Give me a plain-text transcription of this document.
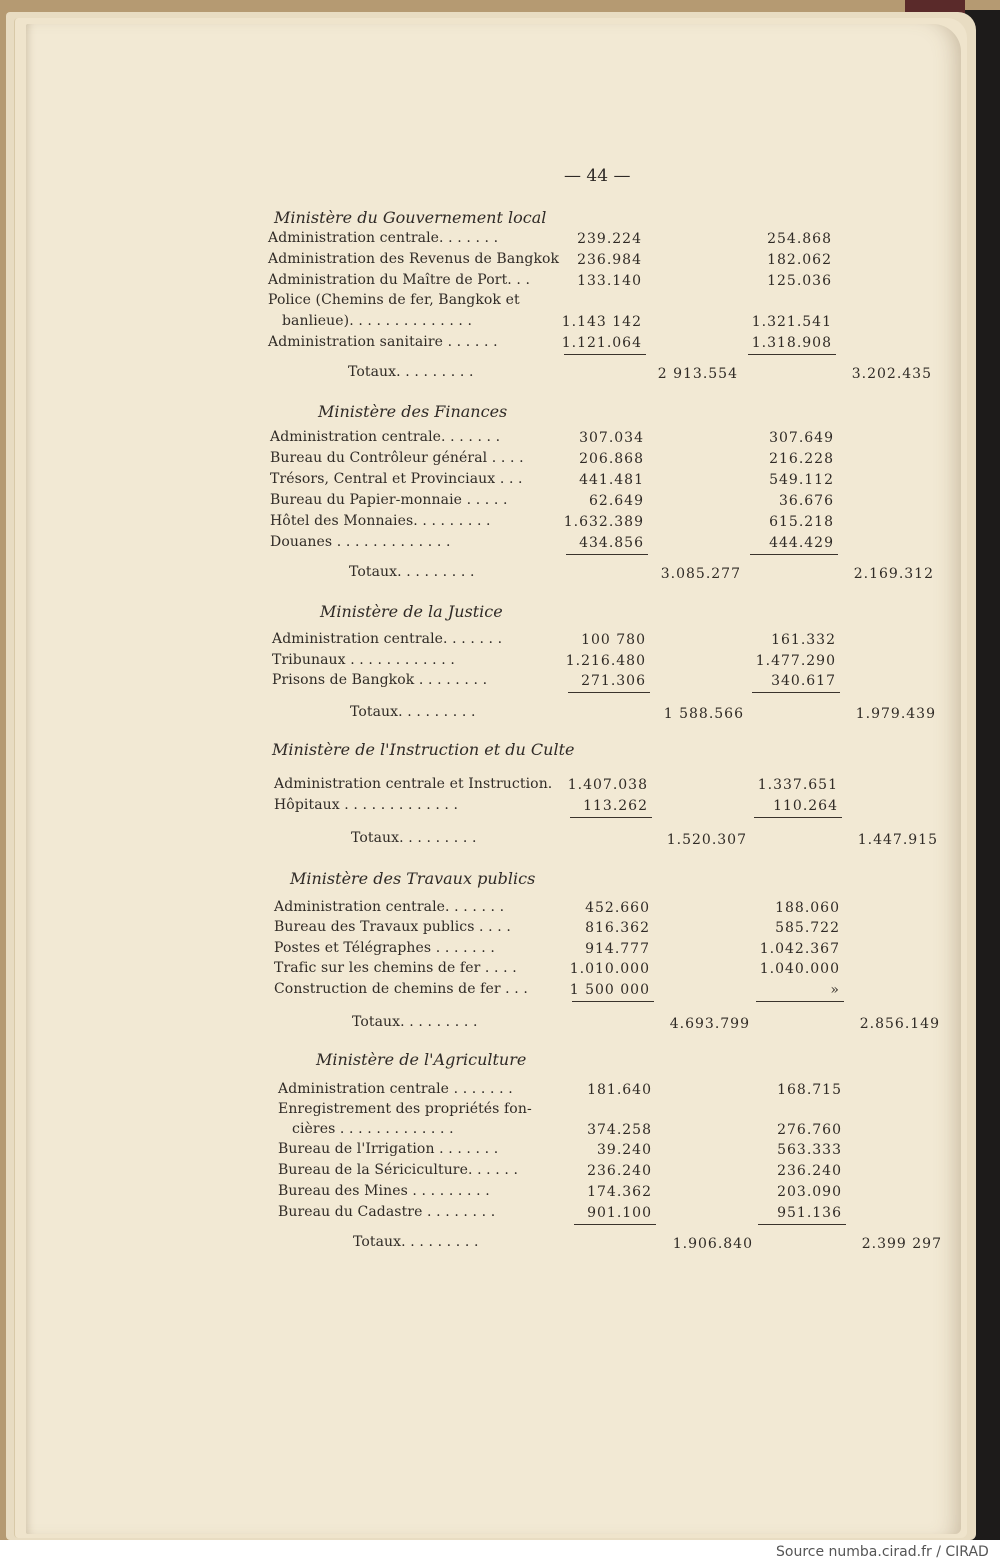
— 44 —
Ministère du Gouvernement local
Administration centrale. . . . . . .	239.224	254.868
Administration des Revenus de Bangkok	236.984	182.062
Administration du Maître de Port. . .	133.140	125.036
Police (Chemins de fer, Bangkok et
banlieue). . . . . . . . . . . . . .	1.143 142	1.321.541
Administration sanitaire . . . . . .	1.121.064	1.318.908
Totaux. . . . . . . . .	2 913.554	3.202.435
Ministère des Finances
Administration centrale. . . . . . .	307.034	307.649
Bureau du Contrôleur général . . . .	206.868	216.228
Trésors, Central et Provinciaux . . .	441.481	549.112
Bureau du Papier-monnaie . . . . .	62.649	36.676
Hôtel des Monnaies. . . . . . . . .	1.632.389	615.218
Douanes . . . . . . . . . . . . .	434.856	444.429
Totaux. . . . . . . . .	3.085.277	2.169.312
Ministère de la Justice
Administration centrale. . . . . . .	100 780	161.332
Tribunaux . . . . . . . . . . . .	1.216.480	1.477.290
Prisons de Bangkok . . . . . . . .	271.306	340.617
Totaux. . . . . . . . .	1 588.566	1.979.439
Ministère de l'Instruction et du Culte
Administration centrale et Instruction.	1.407.038	1.337.651
Hôpitaux . . . . . . . . . . . . .	113.262	110.264
Totaux. . . . . . . . .	1.520.307	1.447.915
Ministère des Travaux publics
Administration centrale. . . . . . .	452.660	188.060
Bureau des Travaux publics . . . .	816.362	585.722
Postes et Télégraphes . . . . . . .	914.777	1.042.367
Trafic sur les chemins de fer . . . .	1.010.000	1.040.000
Construction de chemins de fer . . .	1 500 000	»
Totaux. . . . . . . . .	4.693.799	2.856.149
Ministère de l'Agriculture
Administration centrale . . . . . . .	181.640	168.715
Enregistrement des propriétés fon-
cières . . . . . . . . . . . . .	374.258	276.760
Bureau de l'Irrigation . . . . . . .	39.240	563.333
Bureau de la Sériciculture. . . . . .	236.240	236.240
Bureau des Mines . . . . . . . . .	174.362	203.090
Bureau du Cadastre . . . . . . . .	901.100	951.136
Totaux. . . . . . . . .	1.906.840	2.399 297
Source numba.cirad.fr / CIRAD
